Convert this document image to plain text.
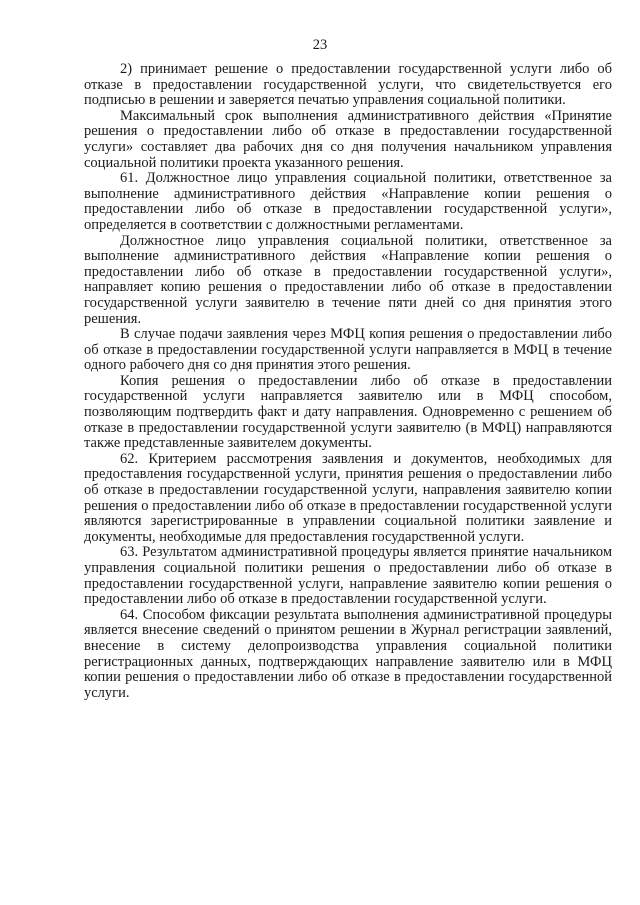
23

2) принимает решение о предоставлении государственной услуги либо об отказе в предоставлении государственной услуги, что свидетельствуется его подписью в решении и заверяется печатью управления социальной политики.

Максимальный срок выполнения административного действия «Принятие решения о предоставлении либо об отказе в предоставлении государственной услуги» составляет два рабочих дня со дня получения начальником управления социальной политики проекта указанного решения.

61. Должностное лицо управления социальной политики, ответственное за выполнение административного действия «Направление копии решения о предоставлении либо об отказе в предоставлении государственной услуги», определяется в соответствии с должностными регламентами.

Должностное лицо управления социальной политики, ответственное за выполнение административного действия «Направление копии решения о предоставлении либо об отказе в предоставлении государственной услуги», направляет копию решения о предоставлении либо об отказе в предоставлении государственной услуги заявителю в течение пяти дней со дня принятия этого решения.

В случае подачи заявления через МФЦ копия решения о предоставлении либо об отказе в предоставлении государственной услуги направляется в МФЦ в течение одного рабочего дня со дня принятия этого решения.

Копия решения о предоставлении либо об отказе в предоставлении государственной услуги направляется заявителю или в МФЦ способом, позволяющим подтвердить факт и дату направления. Одновременно с решением об отказе в предоставлении государственной услуги заявителю (в МФЦ) направляются также представленные заявителем документы.

62. Критерием рассмотрения заявления и документов, необходимых для предоставления государственной услуги, принятия решения о предоставлении либо об отказе в предоставлении государственной услуги, направления заявителю копии решения о предоставлении либо об отказе в предоставлении государственной услуги являются зарегистрированные в управлении социальной политики заявление и документы, необходимые для предоставления государственной услуги.

63. Результатом административной процедуры является принятие начальником управления социальной политики решения о предоставлении либо об отказе в предоставлении государственной услуги, направление заявителю копии решения о предоставлении либо об отказе в предоставлении государственной услуги.

64. Способом фиксации результата выполнения административной процедуры является внесение сведений о принятом решении в Журнал регистрации заявлений, внесение в систему делопроизводства управления социальной политики регистрационных данных, подтверждающих направление заявителю или в МФЦ копии решения о предоставлении либо об отказе в предоставлении государственной услуги.
